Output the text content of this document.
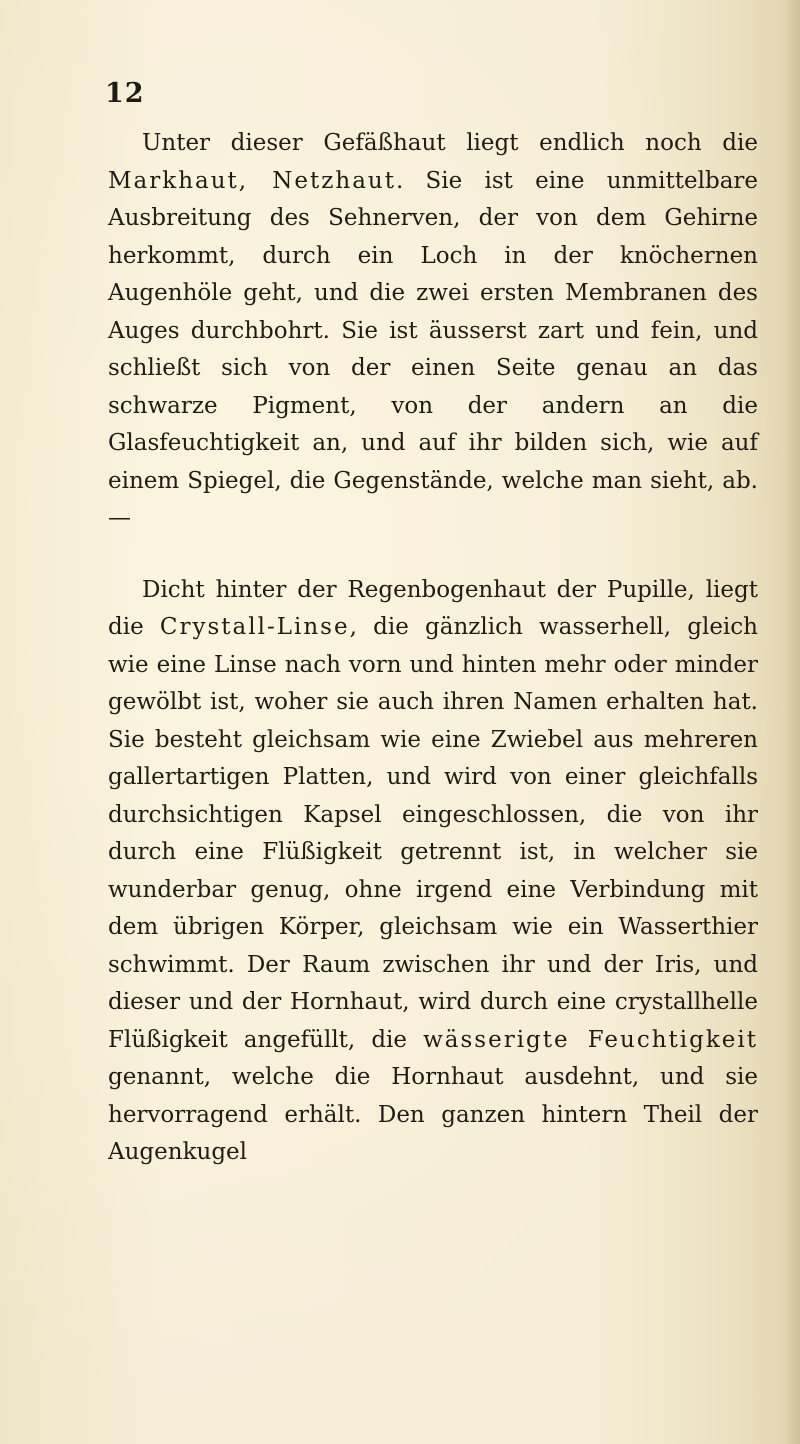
12

Unter dieser Gefäßhaut liegt endlich noch die Markhaut, Netzhaut. Sie ist eine unmittelbare Ausbreitung des Sehnerven, der von dem Gehirne herkommt, durch ein Loch in der knöchernen Augenhöle geht, und die zwei ersten Membranen des Auges durchbohrt. Sie ist äusserst zart und fein, und schließt sich von der einen Seite genau an das schwarze Pigment, von der andern an die Glasfeuchtigkeit an, und auf ihr bilden sich, wie auf einem Spiegel, die Gegenstände, welche man sieht, ab. —

Dicht hinter der Regenbogenhaut der Pupille, liegt die Crystall-Linse, die gänzlich wasserhell, gleich wie eine Linse nach vorn und hinten mehr oder minder gewölbt ist, woher sie auch ihren Namen erhalten hat. Sie besteht gleichsam wie eine Zwiebel aus mehreren gallertartigen Platten, und wird von einer gleichfalls durchsichtigen Kapsel eingeschlossen, die von ihr durch eine Flüßigkeit getrennt ist, in welcher sie wunderbar genug, ohne irgend eine Verbindung mit dem übrigen Körper, gleichsam wie ein Wasserthier schwimmt. Der Raum zwischen ihr und der Iris, und dieser und der Hornhaut, wird durch eine crystallhelle Flüßigkeit angefüllt, die wässerigte Feuchtigkeit genannt, welche die Hornhaut ausdehnt, und sie hervorragend erhält. Den ganzen hintern Theil der Augenkugel
